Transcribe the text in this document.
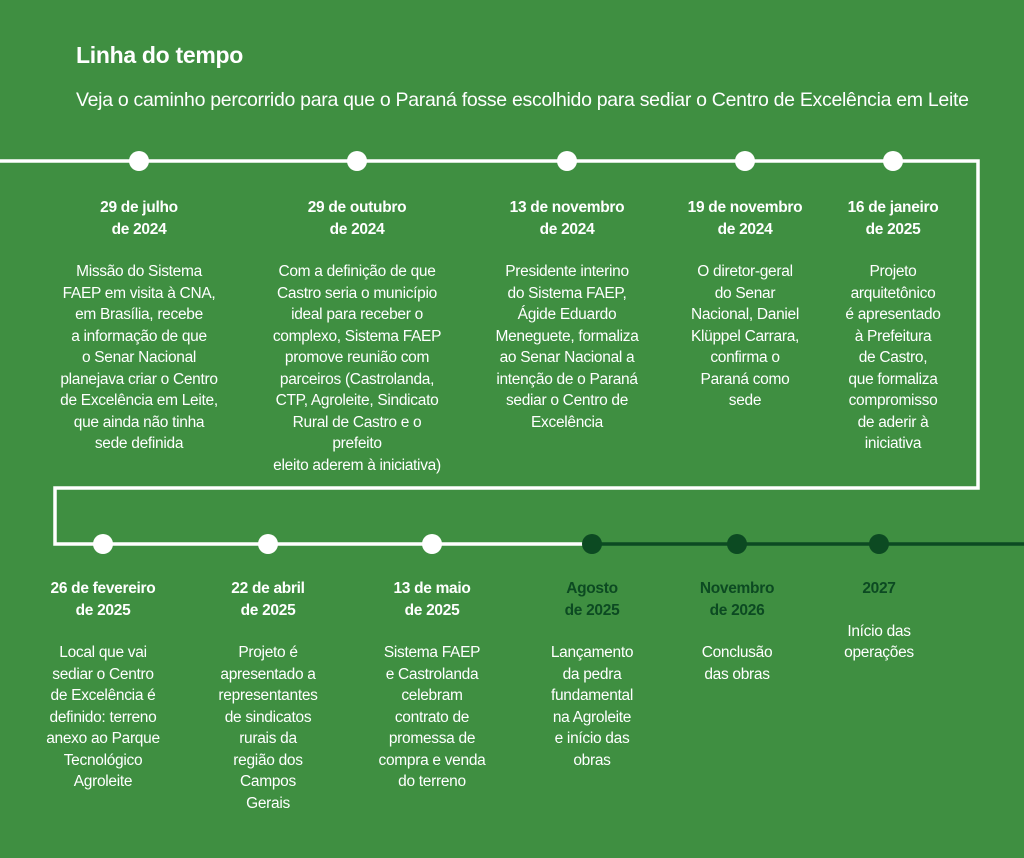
Linha do tempo
Veja o caminho percorrido para que o Paraná fosse escolhido para sediar o Centro de Excelência em Leite
29 de julho
de 2024
Missão do Sistema
FAEP em visita à CNA,
em Brasília, recebe
a informação de que
o Senar Nacional
planejava criar o Centro
de Excelência em Leite,
que ainda não tinha
sede definida
29 de outubro
de 2024
Com a definição de que
Castro seria o município
ideal para receber o
complexo, Sistema FAEP
promove reunião com
parceiros (Castrolanda,
CTP, Agroleite, Sindicato
Rural de Castro e o prefeito
eleito aderem à iniciativa)
13 de novembro
de 2024
Presidente interino
do Sistema FAEP,
Ágide Eduardo
Meneguete, formaliza
ao Senar Nacional a
intenção de o Paraná
sediar o Centro de
Excelência
19 de novembro
de 2024
O diretor-geral
do Senar
Nacional, Daniel
Klüppel Carrara,
confirma o
Paraná como
sede
16 de janeiro
de 2025
Projeto
arquitetônico
é apresentado
à Prefeitura
de Castro,
que formaliza
compromisso
de aderir à
iniciativa
26 de fevereiro
de 2025
Local que vai
sediar o Centro
de Excelência é
definido: terreno
anexo ao Parque
Tecnológico
Agroleite
22 de abril
de 2025
Projeto é
apresentado a
representantes
de sindicatos
rurais da
região dos
Campos
Gerais
13 de maio
de 2025
Sistema FAEP
e Castrolanda
celebram
contrato de
promessa de
compra e venda
do terreno
Agosto
de 2025
Lançamento
da pedra
fundamental
na Agroleite
e início das
obras
Novembro
de 2026
Conclusão
das obras
2027
Início das
operações
